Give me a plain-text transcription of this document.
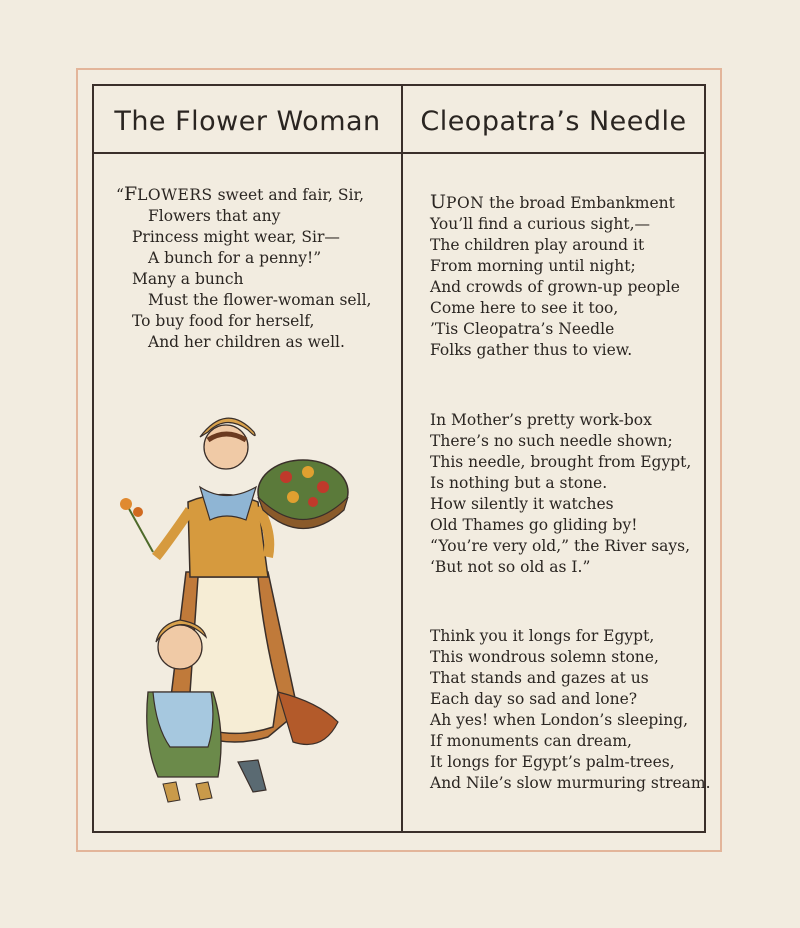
The Flower Woman	Cleopatra’s Needle
“FLOWERS sweet and fair, Sir,
Flowers that any
Princess might wear, Sir—
A bunch for a penny!”
Many a bunch
Must the flower-woman sell,
To buy food for herself,
And her children as well.
UPON the broad Embankment
You’ll find a curious sight,—
The children play around it
From morning until night;
And crowds of grown-up people
Come here to see it too,
’Tis Cleopatra’s Needle
Folks gather thus to view.
In Mother’s pretty work-box
There’s no such needle shown;
This needle, brought from Egypt,
Is nothing but a stone.
How silently it watches
Old Thames go gliding by!
“You’re very old,” the River says,
‘But not so old as I.”
Think you it longs for Egypt,
This wondrous solemn stone,
That stands and gazes at us
Each day so sad and lone?
Ah yes! when London’s sleeping,
If monuments can dream,
It longs for Egypt’s palm-trees,
And Nile’s slow murmuring stream.
